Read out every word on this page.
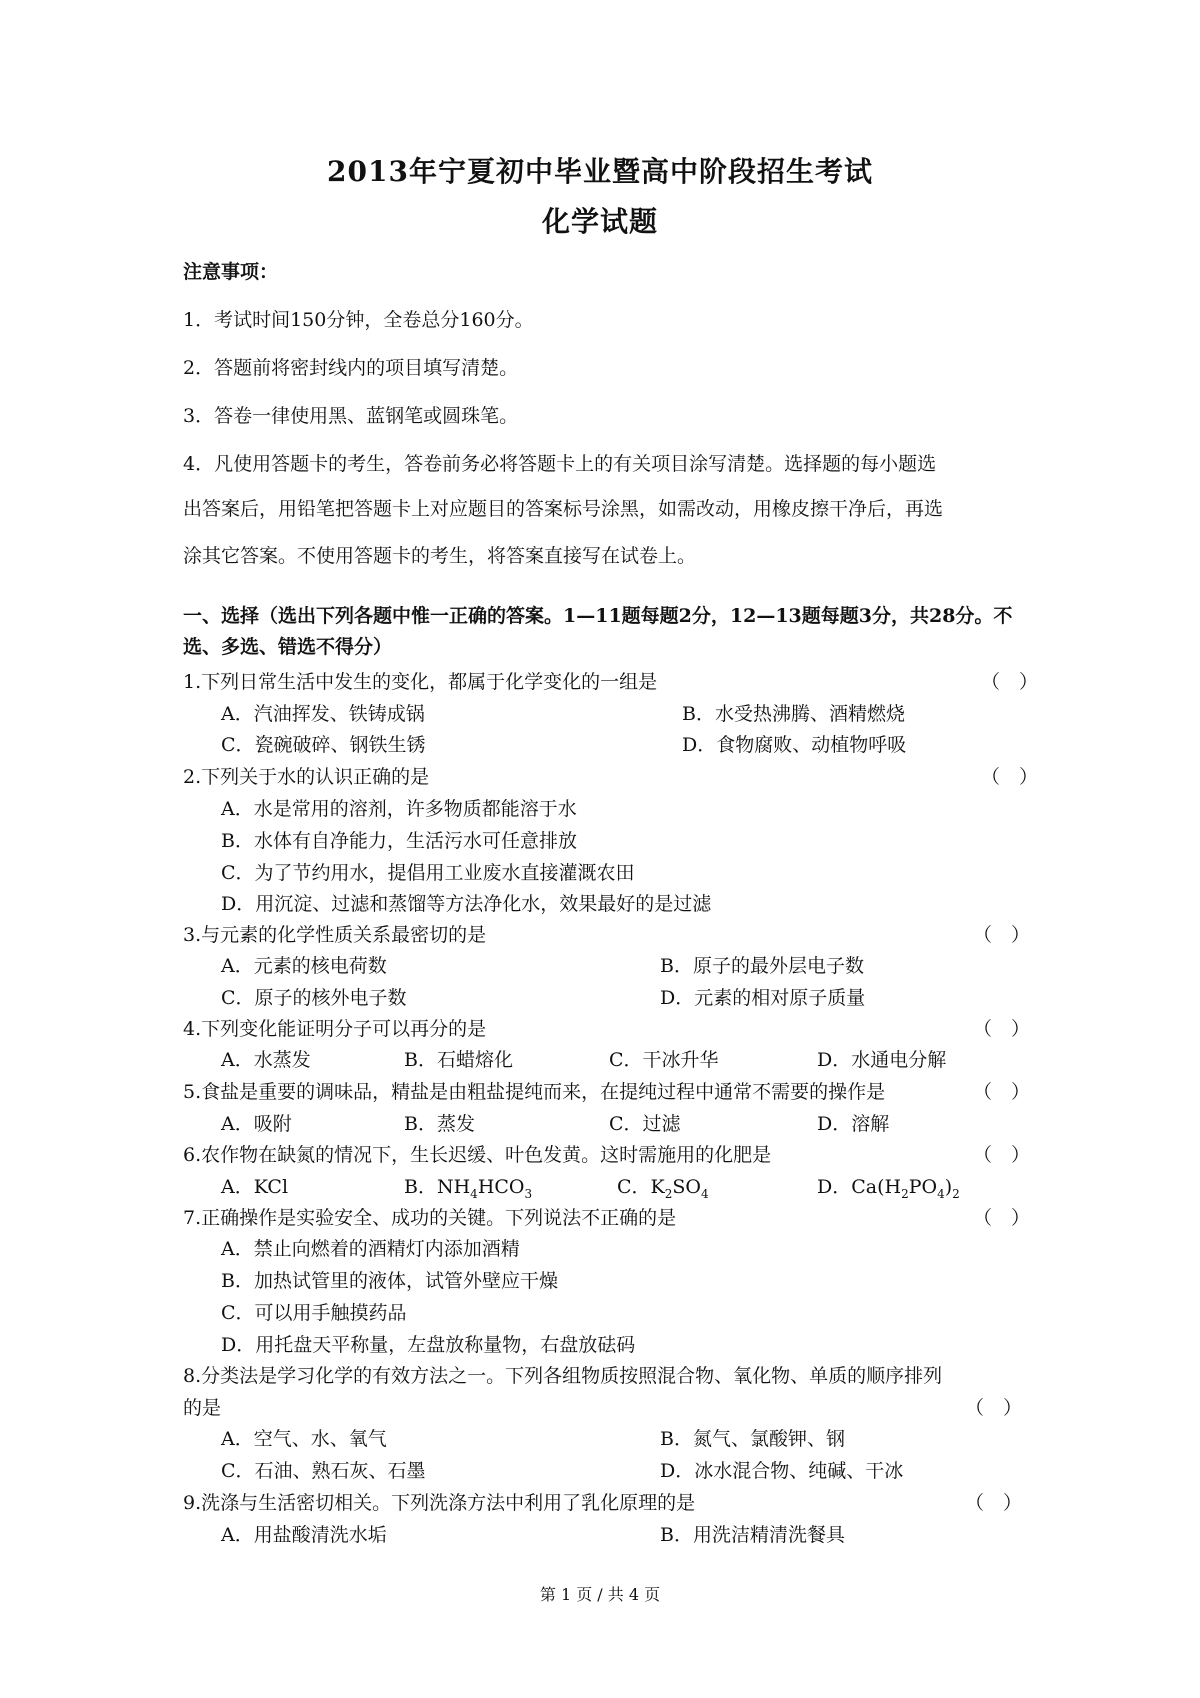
2013年宁夏初中毕业暨高中阶段招生考试
化学试题
注意事项：
1．考试时间150分钟，全卷总分160分。
2．答题前将密封线内的项目填写清楚。
3．答卷一律使用黑、蓝钢笔或圆珠笔。
4．凡使用答题卡的考生，答卷前务必将答题卡上的有关项目涂写清楚。选择题的每小题选
出答案后，用铅笔把答题卡上对应题目的答案标号涂黑，如需改动，用橡皮擦干净后，再选
涂其它答案。不使用答题卡的考生，将答案直接写在试卷上。
一、选择（选出下列各题中惟一正确的答案。1—11题每题2分，12—13题每题3分，共28分。不选、多选、错选不得分）
1.下列日常生活中发生的变化，都属于化学变化的一组是	（　）
A．汽油挥发、铁铸成锅	B．水受热沸腾、酒精燃烧
C．瓷碗破碎、钢铁生锈	D．食物腐败、动植物呼吸
2.下列关于水的认识正确的是	（　）
A．水是常用的溶剂，许多物质都能溶于水
B．水体有自净能力，生活污水可任意排放
C．为了节约用水，提倡用工业废水直接灌溉农田
D．用沉淀、过滤和蒸馏等方法净化水，效果最好的是过滤
3.与元素的化学性质关系最密切的是	（　）
A．元素的核电荷数	B．原子的最外层电子数
C．原子的核外电子数	D．元素的相对原子质量
4.下列变化能证明分子可以再分的是	（　）
A．水蒸发	B．石蜡熔化	C．干冰升华	D．水通电分解
5.食盐是重要的调味品，精盐是由粗盐提纯而来，在提纯过程中通常不需要的操作是	（　）
A．吸附	B．蒸发	C．过滤	D．溶解
6.农作物在缺氮的情况下，生长迟缓、叶色发黄。这时需施用的化肥是	（　）
A．KCl	B．$NH_4HCO_3$	C．$K_2SO_4$	D．$Ca(H_2PO_4)_2$
7.正确操作是实验安全、成功的关键。下列说法不正确的是	（　）
A．禁止向燃着的酒精灯内添加酒精
B．加热试管里的液体，试管外壁应干燥
C．可以用手触摸药品
D．用托盘天平称量，左盘放称量物，右盘放砝码
8.分类法是学习化学的有效方法之一。下列各组物质按照混合物、氧化物、单质的顺序排列
的是	（　）
A．空气、水、氧气	B．氮气、氯酸钾、钢
C．石油、熟石灰、石墨	D．冰水混合物、纯碱、干冰
9.洗涤与生活密切相关。下列洗涤方法中利用了乳化原理的是	（　）
A．用盐酸清洗水垢	B．用洗洁精清洗餐具
第 1 页 / 共 4 页
